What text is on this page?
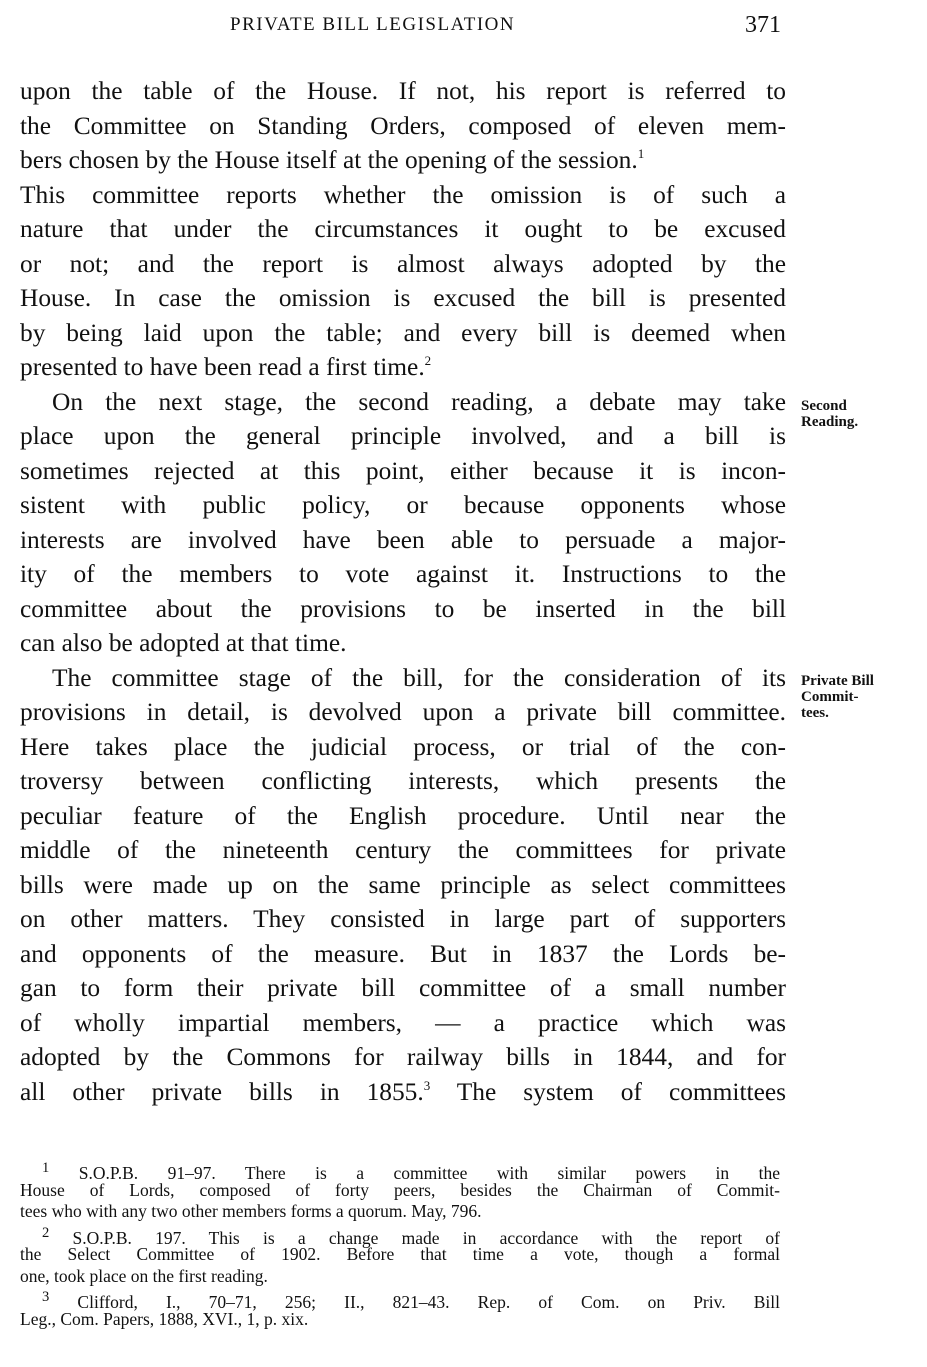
PRIVATE BILL LEGISLATION	371
upon the table of the House. If not, his report is referred to
the Committee on Standing Orders, composed of eleven mem-
bers chosen by the House itself at the opening of the session.$^1$
This committee reports whether the omission is of such a
nature that under the circumstances it ought to be excused
or not; and the report is almost always adopted by the
House. In case the omission is excused the bill is presented
by being laid upon the table; and every bill is deemed when
presented to have been read a first time.$^2$
On the next stage, the second reading, a debate may take
place upon the general principle involved, and a bill is
sometimes rejected at this point, either because it is incon-
sistent with public policy, or because opponents whose
interests are involved have been able to persuade a major-
ity of the members to vote against it. Instructions to the
committee about the provisions to be inserted in the bill
can also be adopted at that time.
The committee stage of the bill, for the consideration of its
provisions in detail, is devolved upon a private bill committee.
Here takes place the judicial process, or trial of the con-
troversy between conflicting interests, which presents the
peculiar feature of the English procedure. Until near the
middle of the nineteenth century the committees for private
bills were made up on the same principle as select committees
on other matters. They consisted in large part of supporters
and opponents of the measure. But in 1837 the Lords be-
gan to form their private bill committee of a small number
of wholly impartial members, — a practice which was
adopted by the Commons for railway bills in 1844, and for
all other private bills in 1855.$^3$ The system of committees
Second
Reading.
Private Bill
Commit-
tees.
$^1$ S.O.P.B. 91–97. There is a committee with similar powers in the
House of Lords, composed of forty peers, besides the Chairman of Commit-
tees who with any two other members forms a quorum. May, 796.
$^2$ S.O.P.B. 197. This is a change made in accordance with the report of
the Select Committee of 1902. Before that time a vote, though a formal
one, took place on the first reading.
$^3$ Clifford, I., 70–71, 256; II., 821–43. Rep. of Com. on Priv. Bill
Leg., Com. Papers, 1888, XVI., 1, p. xix.
